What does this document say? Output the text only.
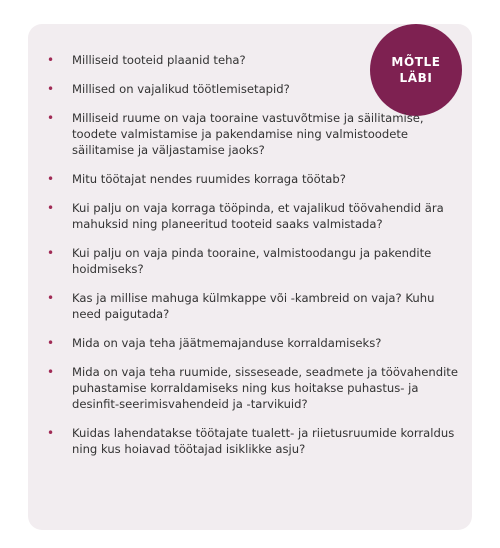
MÕTLE
LÄBI
• Milliseid tooteid plaanid teha?
• Millised on vajalikud töötlemisetapid?
• Milliseid ruume on vaja tooraine vastuvõtmise ja säilitamise, toodete valmistamise ja pakendamise ning valmistoodete säilitamise ja väljastamise jaoks?
• Mitu töötajat nendes ruumides korraga töötab?
• Kui palju on vaja korraga tööpinda, et vajalikud töövahendid ära mahuksid ning planeeritud tooteid saaks valmistada?
• Kui palju on vaja pinda tooraine, valmistoodangu ja pakendite hoidmiseks?
• Kas ja millise mahuga külmkappe või -kambreid on vaja? Kuhu need paigutada?
• Mida on vaja teha jäätmemajanduse korraldamiseks?
• Mida on vaja teha ruumide, sisseseade, seadmete ja töövahendite puhastamise korraldamiseks ning kus hoitakse puhastus- ja desinfit-seerimisvahendeid ja -tarvikuid?
• Kuidas lahendatakse töötajate tualett- ja riietusruumide korraldus ning kus hoiavad töötajad isiklikke asju?
